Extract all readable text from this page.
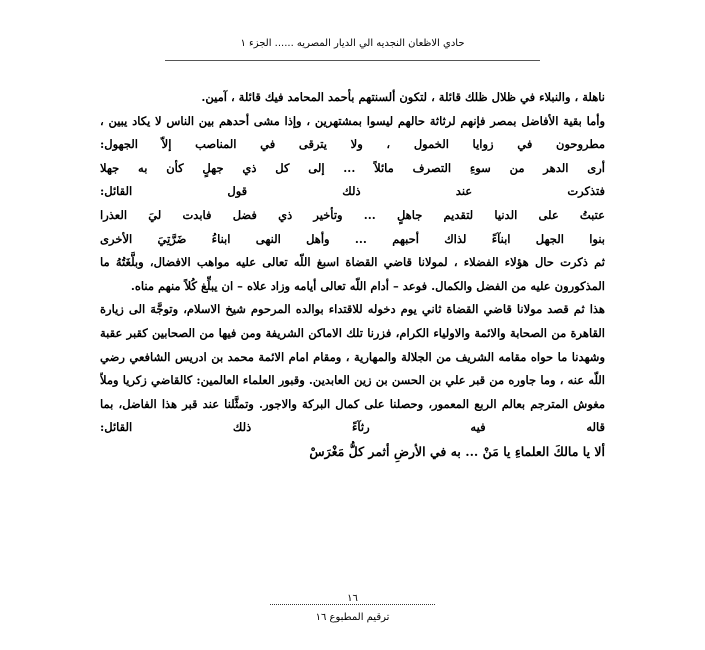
حادي الاظعان النجديه الي الديار المصريه ...... الجزء ١
ناهلة ، والنبلاء في ظلال ظلك قائلة ، لتكون ألسنتهم بأحمد المحامد فيك قائلة ، آمين.
وأما بقية الأفاضل بمصر فإنهم لرثاثة حالهم ليسوا بمشتهرين ، وإذا مشى أحدهم بين الناس لا يكاد يبين ،
مطروحون في زوايا الخمول ، ولا يترقى في المناصب إلاّ الجهول:
أرى الدهر من سوءِ التصرف مائلاً ... إلى كل ذي جهلٍ كأن به جهلا
فتذكرت عند ذلك قول القائل:
عتبتُ على الدنيا لتقديم جاهلٍ ... وتأخير ذي فضل فابدت ليَ العذرا
بنوا الجهل ابنآءً لذاك أحبهم ... وأهل النهى ابناءُ ضَرَّتِيَ الأخرى
ثم ذكرت حال هؤلاء الفضلاء ، لمولانا قاضي القضاة اسبغ اللّه تعالى عليه مواهب الافضال، وبلَّغَتُهُ ما
المذكورون عليه من الفضل والكمال. فوعد – أدام اللّه تعالى أيامه وزاد علاه – ان يبلِّغ كُلاً منهم مناه.
هذا ثم قصد مولانا قاضي القضاة ثاني يوم دخوله للاقتداء بوالده المرحوم شيخ الاسلام، وتوجَّهَ الى زيارة
القاهرة من الصحابة والائمة والاولياء الكرام، فزرنا تلك الاماكن الشريفة ومن فيها من الصحابين كقبر عقبة
وشهدنا ما حواه مقامه الشريف من الجلالة والمهارية ، ومقام امام الائمة محمد بن ادريس الشافعي رضي
اللّه عنه ، وما جاوره من قبر علي بن الحسن بن زين العابدين. وقبور العلماء العالمين: كالقاضي زكريا وملاّ
مغوش المترجم بعالم الربع المعمور، وحصلنا على كمال البركة والاجور. وتمثَّلنا عند قبر هذا الفاضل، بما
قاله فيه رثآءً ذلك القائل:
ألا يا مالكَ العلماءِ يا مَنْ ... به في الأرضِ أثمر كلُّ مَغْرَسْ
١٦
ترقيم المطبوع ١٦
